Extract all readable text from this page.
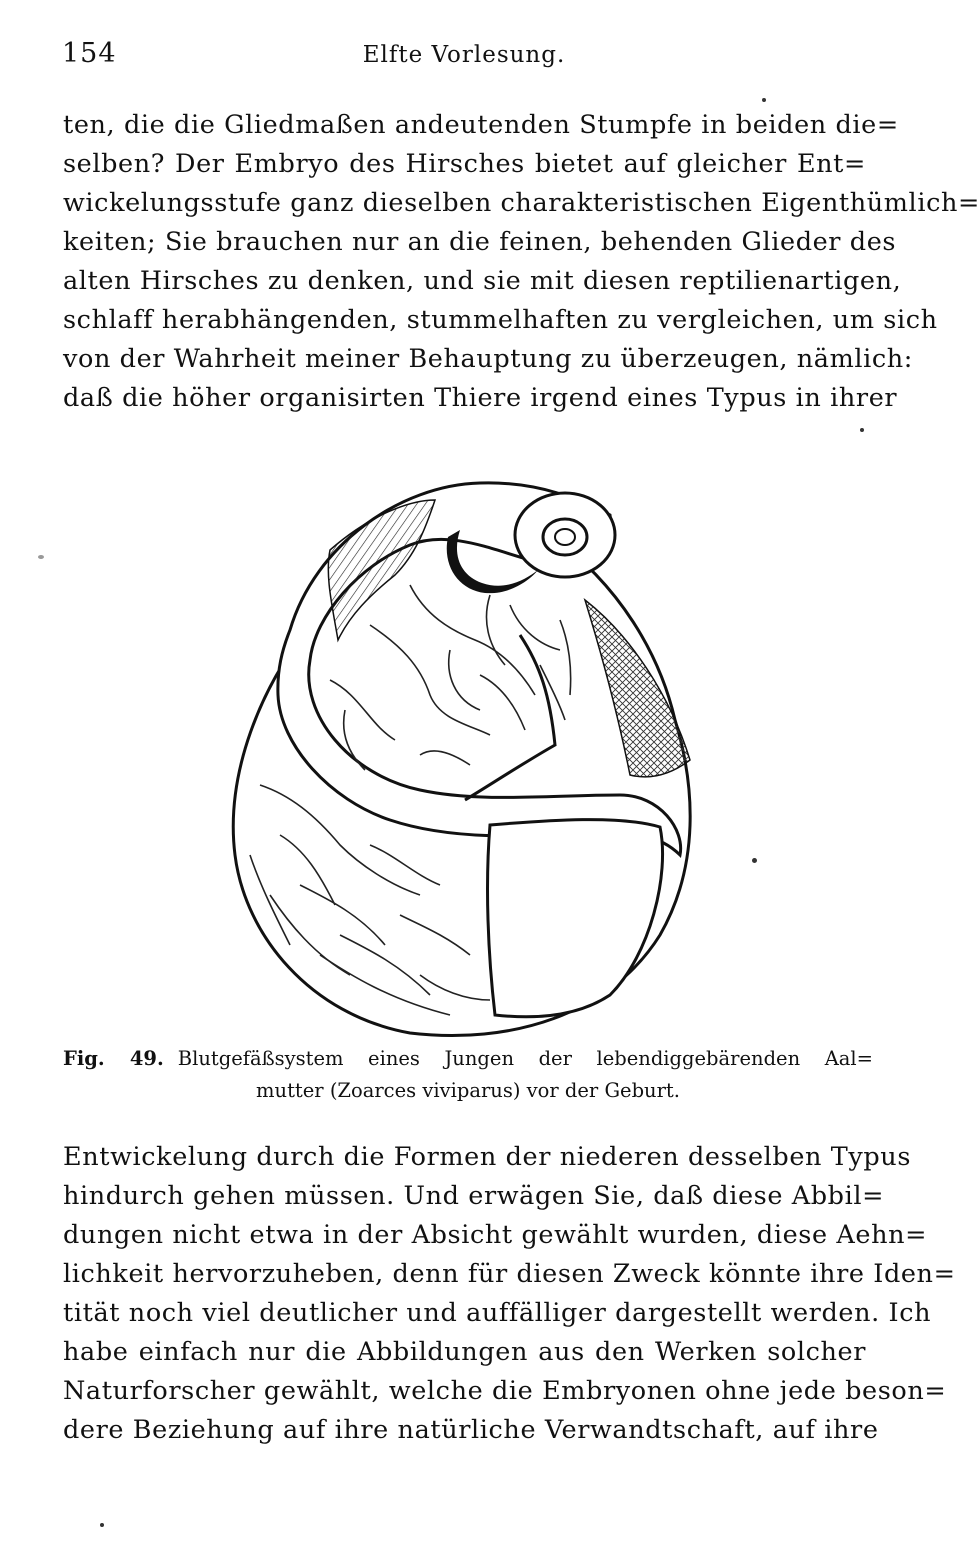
154	Elfte Vorlesung.
ten, die die Gliedmaßen andeutenden Stumpfe in beiden die=
selben? Der Embryo des Hirsches bietet auf gleicher Ent=
wickelungsstufe ganz dieselben charakteristischen Eigenthümlich=
keiten; Sie brauchen nur an die feinen, behenden Glieder des
alten Hirsches zu denken, und sie mit diesen reptilienartigen,
schlaff herabhängenden, stummelhaften zu vergleichen, um sich
von der Wahrheit meiner Behauptung zu überzeugen, nämlich:
daß die höher organisirten Thiere irgend eines Typus in ihrer
Fig. 49. Blutgefäßsystem eines Jungen der lebendiggebärenden Aal=
mutter (Zoarces viviparus) vor der Geburt.
Entwickelung durch die Formen der niederen desselben Typus
hindurch gehen müssen. Und erwägen Sie, daß diese Abbil=
dungen nicht etwa in der Absicht gewählt wurden, diese Aehn=
lichkeit hervorzuheben, denn für diesen Zweck könnte ihre Iden=
tität noch viel deutlicher und auffälliger dargestellt werden. Ich
habe einfach nur die Abbildungen aus den Werken solcher
Naturforscher gewählt, welche die Embryonen ohne jede beson=
dere Beziehung auf ihre natürliche Verwandtschaft, auf ihre
